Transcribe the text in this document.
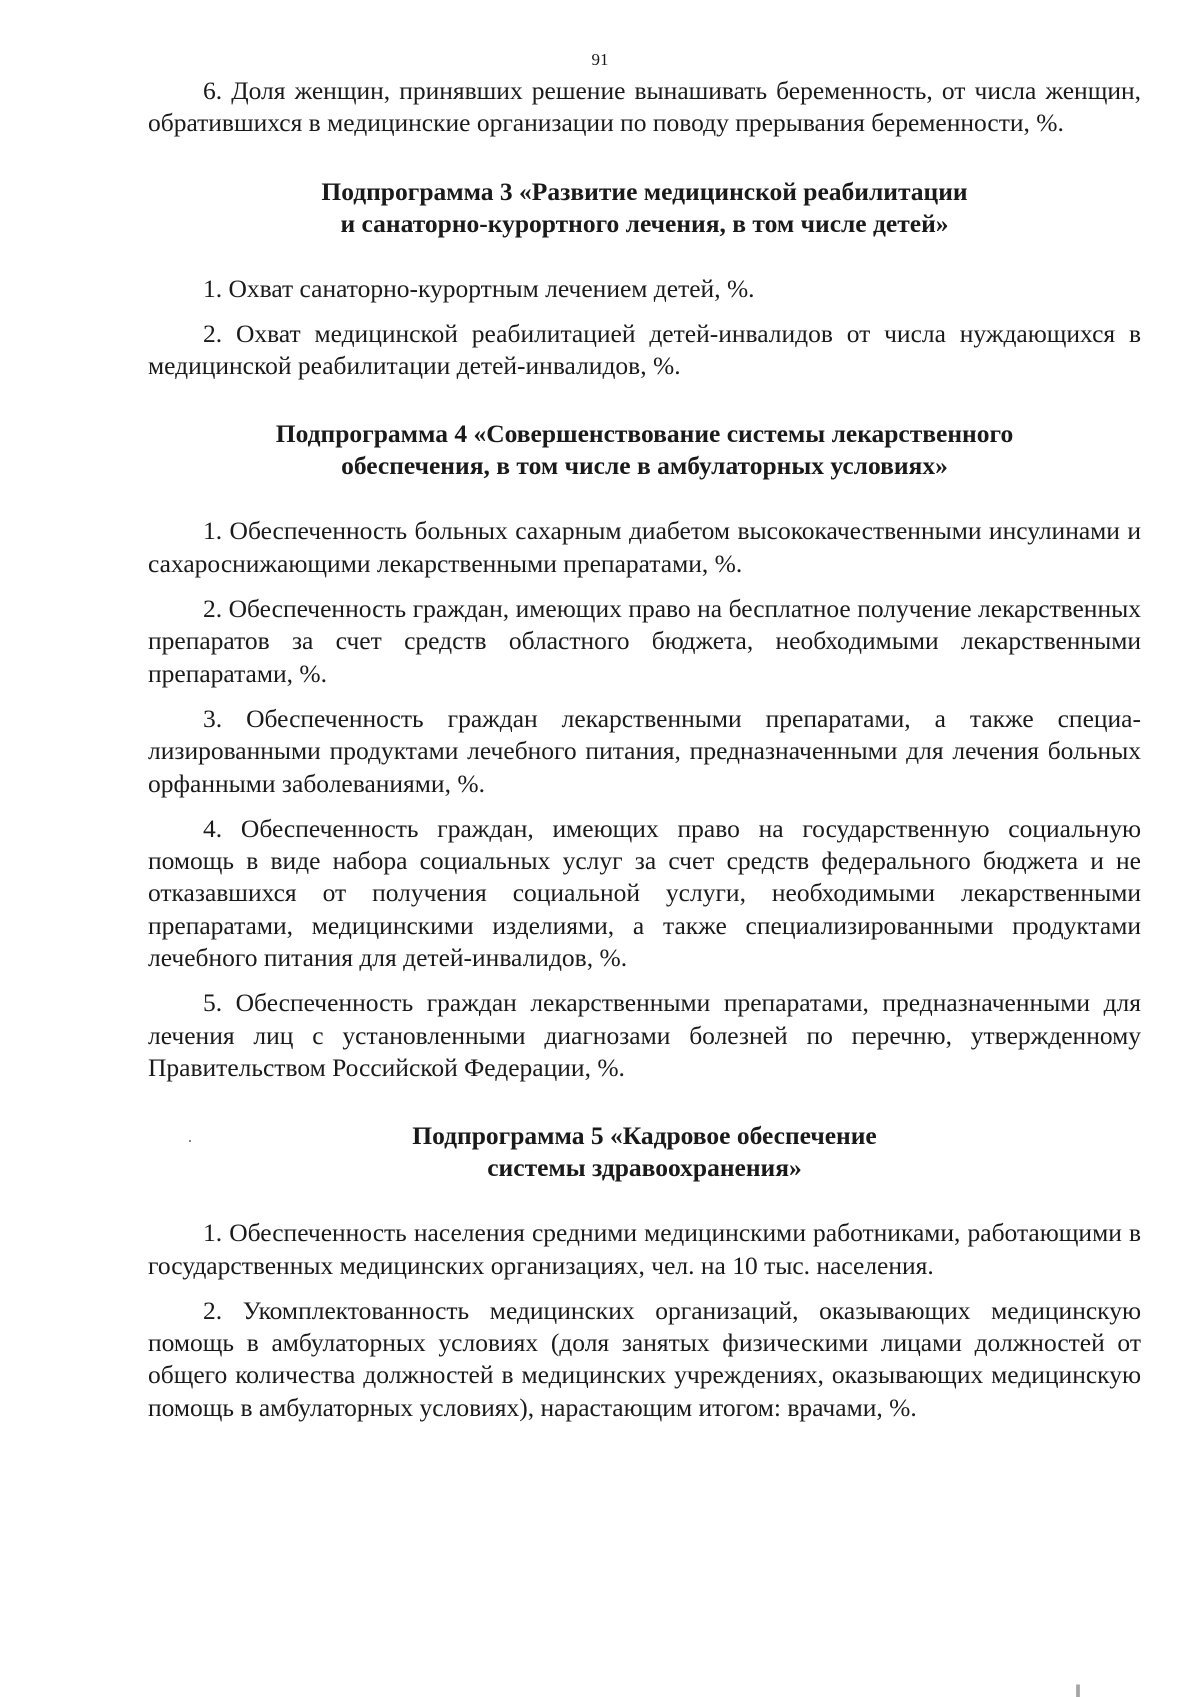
91

6. Доля женщин, принявших решение вынашивать беременность, от числа женщин, обратившихся в медицинские организации по поводу прерывания беременности, %.

Подпрограмма 3 «Развитие медицинской реабилитации
и санаторно-курортного лечения, в том числе детей»

1. Охват санаторно-курортным лечением детей, %.

2. Охват медицинской реабилитацией детей-инвалидов от числа нуждающихся в медицинской реабилитации детей-инвалидов, %.

Подпрограмма 4 «Совершенствование системы лекарственного
обеспечения, в том числе в амбулаторных условиях»

1. Обеспеченность больных сахарным диабетом высококачественными инсулинами и сахароснижающими лекарственными препаратами, %.

2. Обеспеченность граждан, имеющих право на бесплатное получение лекарственных препаратов за счет средств областного бюджета, необходимыми лекарственными препаратами, %.

3. Обеспеченность граждан лекарственными препаратами, а также специализированными продуктами лечебного питания, предназначенными для лечения больных орфанными заболеваниями, %.

4. Обеспеченность граждан, имеющих право на государственную социальную помощь в виде набора социальных услуг за счет средств федерального бюджета и не отказавшихся от получения социальной услуги, необходимыми лекарственными препаратами, медицинскими изделиями, а также специализированными продуктами лечебного питания для детей-инвалидов, %.

5. Обеспеченность граждан лекарственными препаратами, предназначенными для лечения лиц с установленными диагнозами болезней по перечню, утвержденному Правительством Российской Федерации, %.

Подпрограмма 5 «Кадровое обеспечение
системы здравоохранения»

1. Обеспеченность населения средними медицинскими работниками, работающими в государственных медицинских организациях, чел. на 10 тыс. населения.

2. Укомплектованность медицинских организаций, оказывающих медицинскую помощь в амбулаторных условиях (доля занятых физическими лицами должностей от общего количества должностей в медицинских учреждениях, оказывающих медицинскую помощь в амбулаторных условиях), нарастающим итогом: врачами, %.

‖
